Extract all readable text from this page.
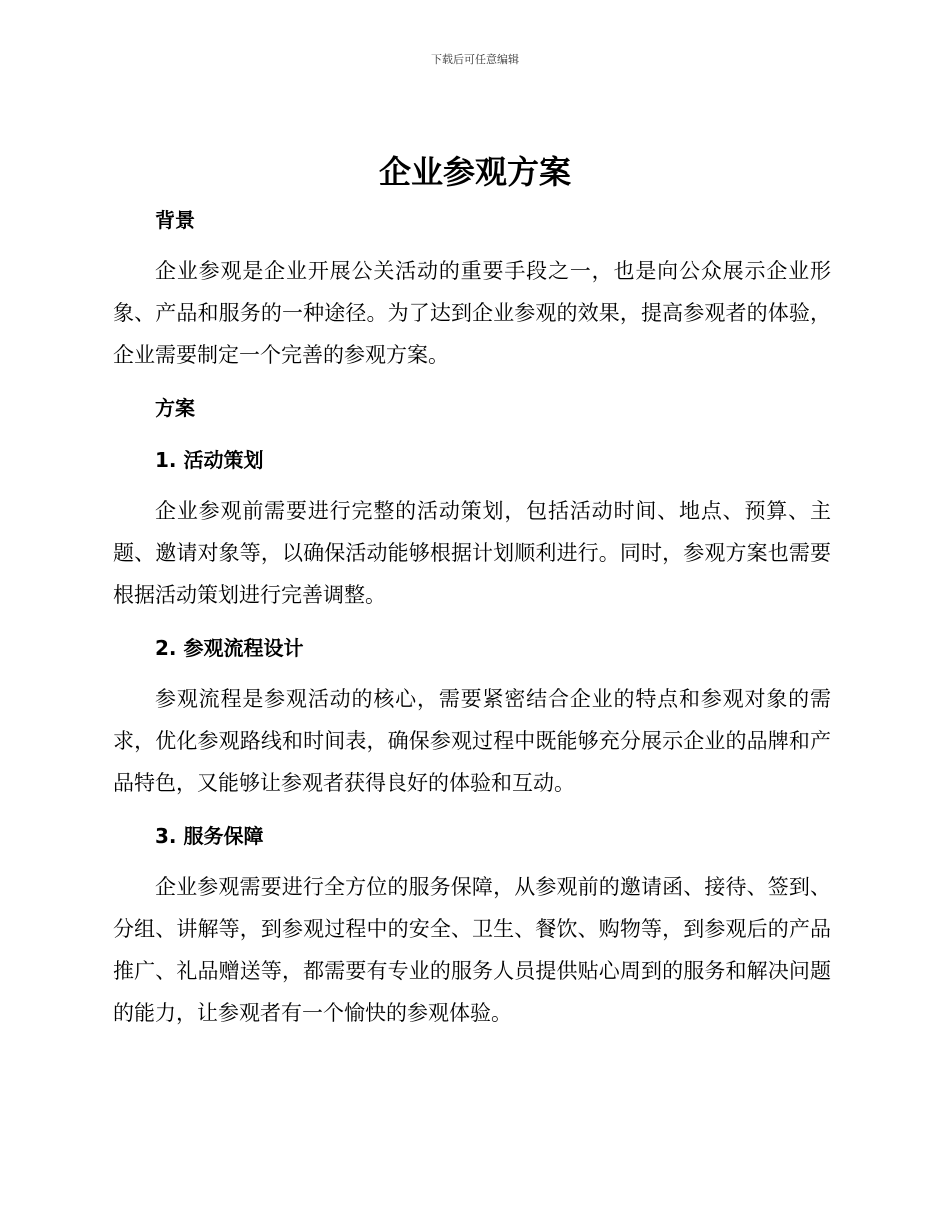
下载后可任意编辑
企业参观方案
背景

企业参观是企业开展公关活动的重要手段之一，也是向公众展示企业形象、产品和服务的一种途径。为了达到企业参观的效果，提高参观者的体验，企业需要制定一个完善的参观方案。

方案
1. 活动策划

企业参观前需要进行完整的活动策划，包括活动时间、地点、预算、主题、邀请对象等，以确保活动能够根据计划顺利进行。同时，参观方案也需要根据活动策划进行完善调整。

2. 参观流程设计

参观流程是参观活动的核心，需要紧密结合企业的特点和参观对象的需求，优化参观路线和时间表，确保参观过程中既能够充分展示企业的品牌和产品特色，又能够让参观者获得良好的体验和互动。

3. 服务保障

企业参观需要进行全方位的服务保障，从参观前的邀请函、接待、签到、分组、讲解等，到参观过程中的安全、卫生、餐饮、购物等，到参观后的产品推广、礼品赠送等，都需要有专业的服务人员提供贴心周到的服务和解决问题的能力，让参观者有一个愉快的参观体验。
